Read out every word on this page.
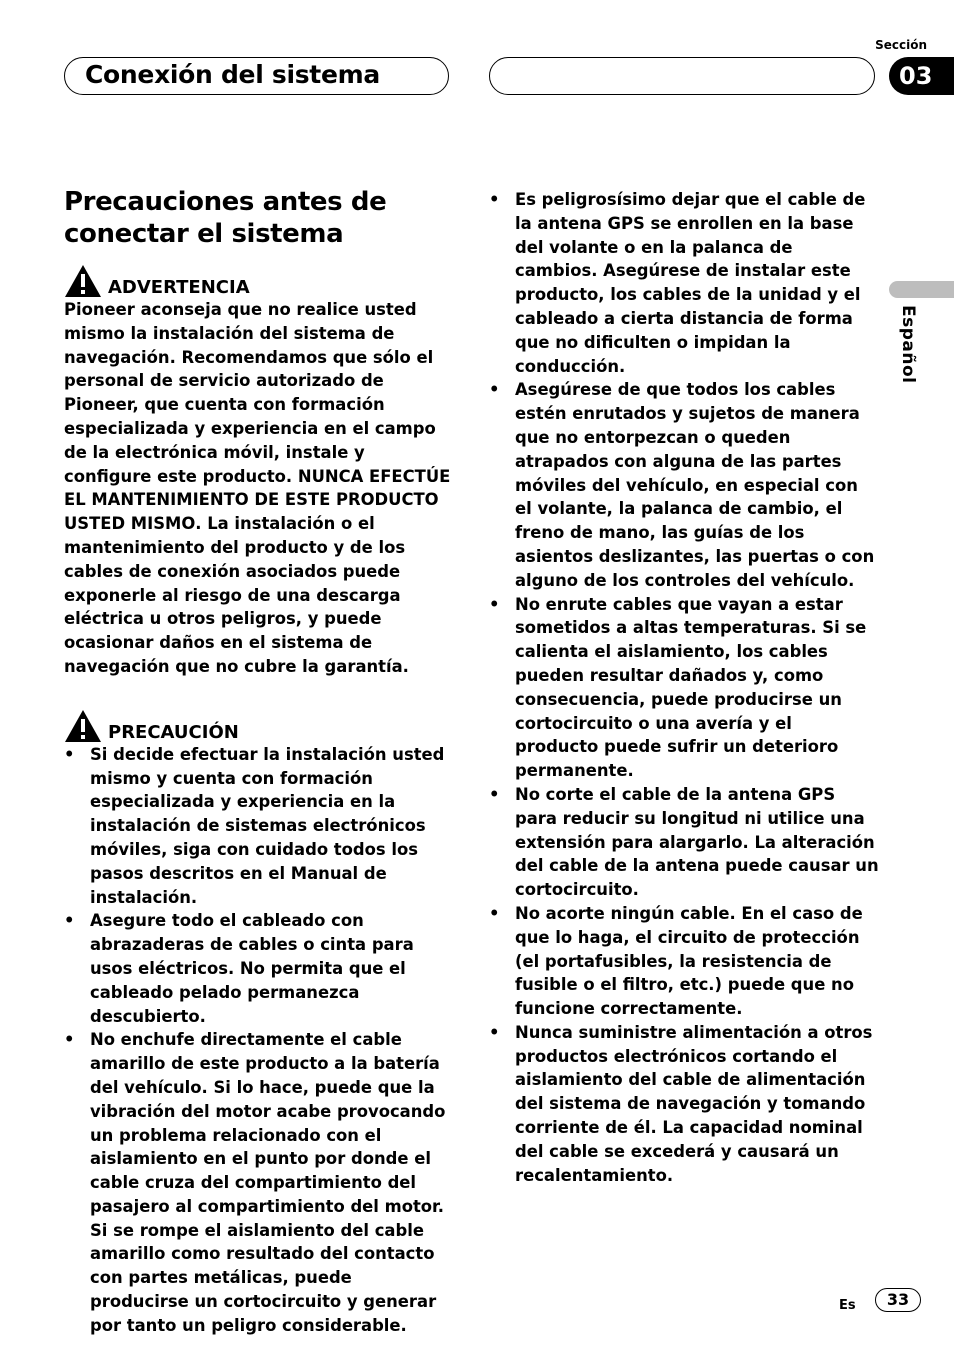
Conexión del sistema
Sección
03
Español
Precauciones antes de
conectar el sistema
ADVERTENCIA

Pioneer aconseja que no realice usted mismo la instalación del sistema de navegación. Recomendamos que sólo el personal de servicio autorizado de Pioneer, que cuenta con formación especializada y experiencia en el campo de la electrónica móvil, instale y configure este producto. NUNCA EFECTÚE EL MANTENIMIENTO DE ESTE PRODUCTO USTED MISMO. La instalación o el mantenimiento del producto y de los cables de conexión asociados puede exponerle al riesgo de una descarga eléctrica u otros peligros, y puede ocasionar daños en el sistema de navegación que no cubre la garantía.

PRECAUCIÓN
• Si decide efectuar la instalación usted mismo y cuenta con formación especializada y experiencia en la instalación de sistemas electrónicos móviles, siga con cuidado todos los pasos descritos en el Manual de instalación.
• Asegure todo el cableado con abrazaderas de cables o cinta para usos eléctricos. No permita que el cableado pelado permanezca descubierto.
• No enchufe directamente el cable amarillo de este producto a la batería del vehículo. Si lo hace, puede que la vibración del motor acabe provocando un problema relacionado con el aislamiento en el punto por donde el cable cruza del compartimiento del pasajero al compartimiento del motor. Si se rompe el aislamiento del cable amarillo como resultado del contacto con partes metálicas, puede producirse un cortocircuito y generar por tanto un peligro considerable.
• Es peligrosísimo dejar que el cable de la antena GPS se enrollen en la base del volante o en la palanca de cambios. Asegúrese de instalar este producto, los cables de la unidad y el cableado a cierta distancia de forma que no dificulten o impidan la conducción.
• Asegúrese de que todos los cables estén enrutados y sujetos de manera que no entorpezcan o queden atrapados con alguna de las partes móviles del vehículo, en especial con el volante, la palanca de cambio, el freno de mano, las guías de los asientos deslizantes, las puertas o con alguno de los controles del vehículo.
• No enrute cables que vayan a estar sometidos a altas temperaturas. Si se calienta el aislamiento, los cables pueden resultar dañados y, como consecuencia, puede producirse un cortocircuito o una avería y el producto puede sufrir un deterioro permanente.
• No corte el cable de la antena GPS para reducir su longitud ni utilice una extensión para alargarlo. La alteración del cable de la antena puede causar un cortocircuito.
• No acorte ningún cable. En el caso de que lo haga, el circuito de protección (el portafusibles, la resistencia de fusible o el filtro, etc.) puede que no funcione correctamente.
• Nunca suministre alimentación a otros productos electrónicos cortando el aislamiento del cable de alimentación del sistema de navegación y tomando corriente de él. La capacidad nominal del cable se excederá y causará un recalentamiento.
Es	33
